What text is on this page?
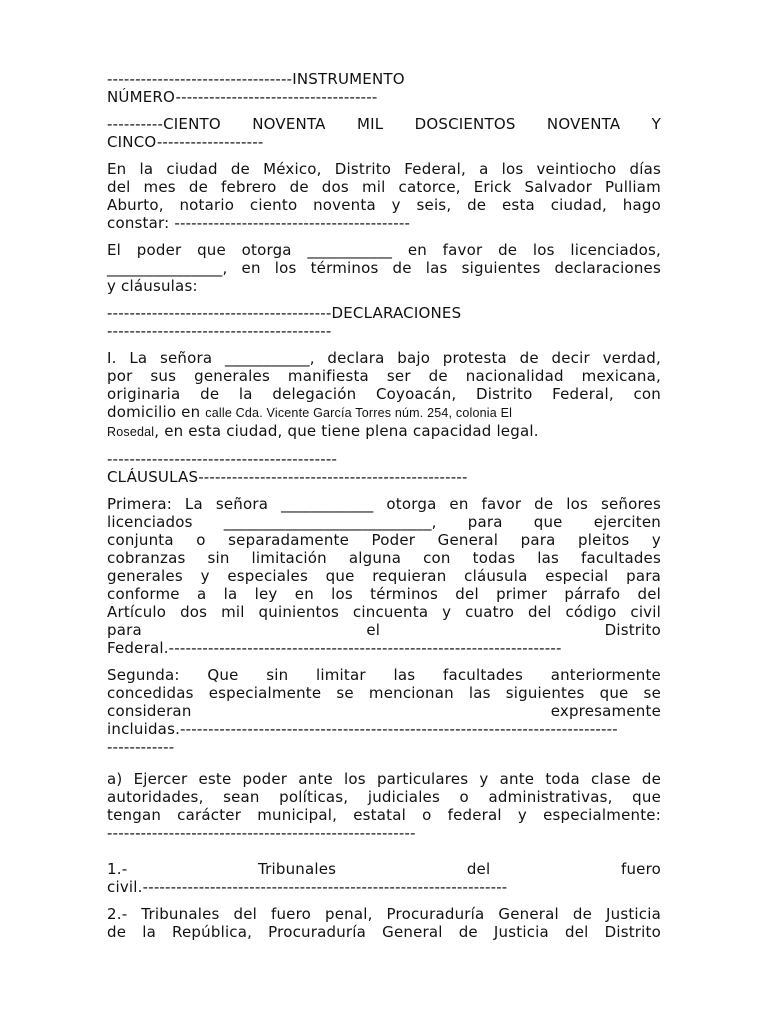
---------------------------------INSTRUMENTO
NÚMERO------------------------------------
----------CIENTO NOVENTA MIL DOSCIENTOS NOVENTA Y
CINCO-------------------
En la ciudad de México, Distrito Federal, a los veintiocho días
del mes de febrero de dos mil catorce, Erick Salvador Pulliam
Aburto, notario ciento noventa y seis, de esta ciudad, hago
constar: ------------------------------------------
El poder que otorga ___________ en favor de los licenciados,
_______________, en los términos de las siguientes declaraciones
y cláusulas:
----------------------------------------DECLARACIONES
----------------------------------------
I. La señora ___________, declara bajo protesta de decir verdad,
por sus generales manifiesta ser de nacionalidad mexicana,
originaria de la delegación Coyoacán, Distrito Federal, con
domicilio en calle Cda. Vicente García Torres núm. 254, colonia El
Rosedal, en esta ciudad, que tiene plena capacidad legal.
-----------------------------------------
CLÁUSULAS------------------------------------------------
Primera: La señora ____________ otorga en favor de los señores
licenciados ___________________________, para que ejerciten
conjunta o separadamente Poder General para pleitos y
cobranzas sin limitación alguna con todas las facultades
generales y especiales que requieran cláusula especial para
conforme a la ley en los términos del primer párrafo del
Artículo dos mil quinientos cincuenta y cuatro del código civil
para el Distrito
Federal.----------------------------------------------------------------------
Segunda: Que sin limitar las facultades anteriormente
concedidas especialmente se mencionan las siguientes que se
consideran expresamente
incluidas.------------------------------------------------------------------------------
------------
a) Ejercer este poder ante los particulares y ante toda clase de
autoridades, sean políticas, judiciales o administrativas, que
tengan carácter municipal, estatal o federal y especialmente:
-------------------------------------------------------
1.- Tribunales del fuero
civil.-----------------------------------------------------------------
2.- Tribunales del fuero penal, Procuraduría General de Justicia
de la República, Procuraduría General de Justicia del Distrito
